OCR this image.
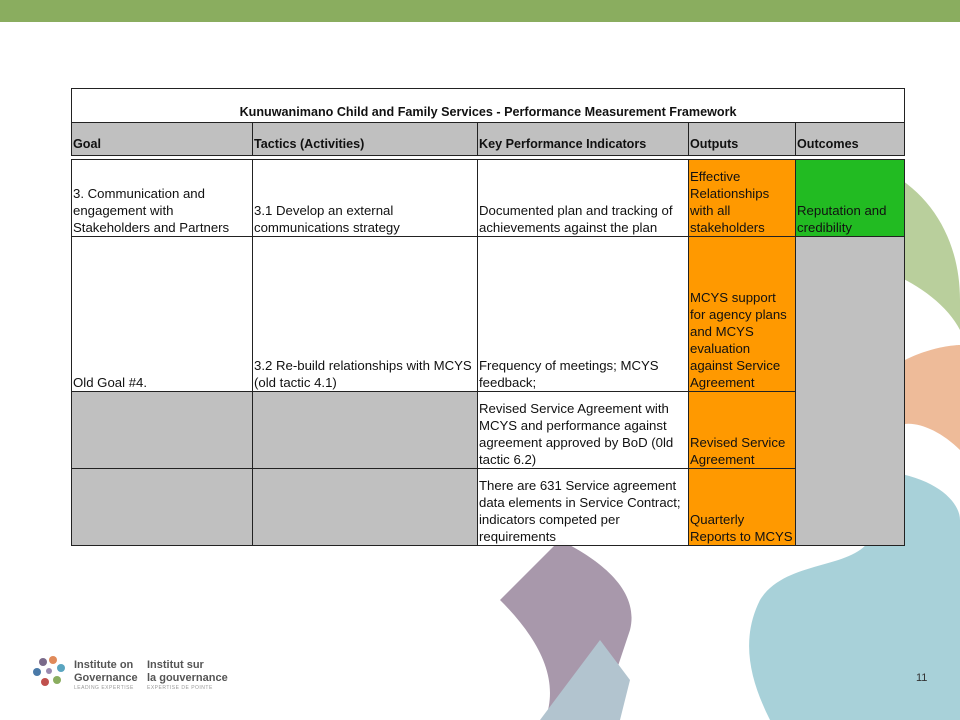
Kunuwanimano Child and Family Services - Performance Measurement Framework				
Goal	Tactics (Activities)	Key Performance Indicators	Outputs	Outcomes

3. Communication and engagement with Stakeholders and Partners	3.1 Develop an external communications strategy	Documented plan and tracking of achievements against the plan	Effective Relationships with all stakeholders	Reputation and credibility
Old Goal #4.	3.2 Re-build relationships with MCYS (old tactic 4.1)	Frequency of meetings; MCYS feedback;	MCYS support for agency plans and MCYS evaluation against Service Agreement	
		Revised Service Agreement with MCYS and performance against agreement approved by BoD (0ld tactic 6.2)	Revised Service Agreement	
		There are 631 Service agreement data elements in Service Contract; indicators competed per requirements	Quarterly Reports to MCYS	
Institute on
Governance
LEADING EXPERTISE
Institut sur
la gouvernance
EXPERTISE DE POINTE
11
